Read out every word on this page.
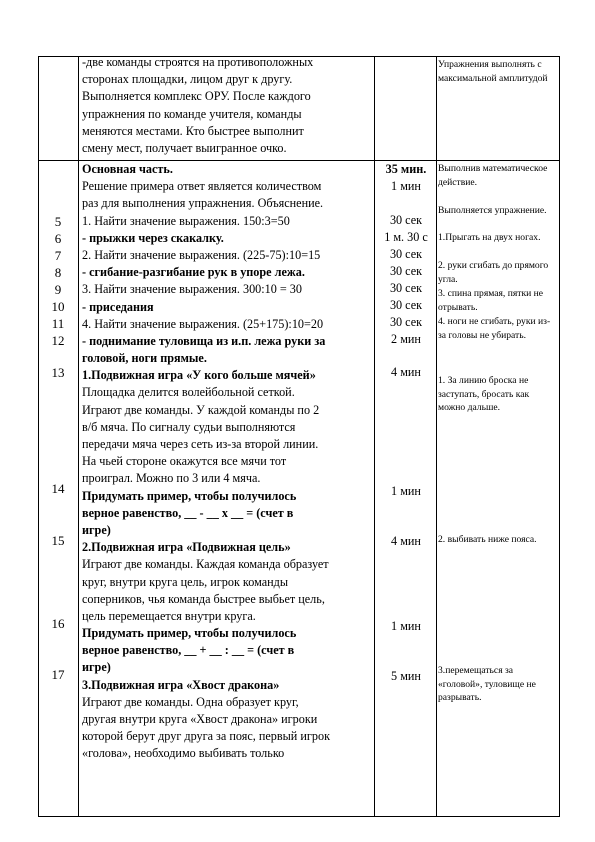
-две команды строятся на противоположных
сторонах площадки, лицом друг к другу.
Выполняется комплекс ОРУ. После каждого
упражнения по команде учителя, команды
меняются местами. Кто быстрее выполнит
смену мест, получает выигранное очко.
Упражнения выполнять с максимальной амплитудой
5
6
7
8
9
10
11
12
13
14
15
16
17
Основная часть.
Решение примера ответ является количеством
раз для выполнения упражнения. Объяснение.
1. Найти значение выражения. 150:3=50
- прыжки через скакалку.
2. Найти значение выражения. (225-75):10=15
- сгибание-разгибание рук в упоре лежа.
3. Найти значение выражения. 300:10 = 30
- приседания
4. Найти значение выражения. (25+175):10=20
- поднимание туловища из и.п. лежа руки за
головой, ноги прямые.
1.Подвижная игра «У кого больше мячей»
Площадка делится волейбольной сеткой.
Играют две команды. У каждой команды по 2
в/б мяча. По сигналу судьи выполняются
передачи мяча через сеть из-за второй линии.
На чьей стороне окажутся все мячи тот
проиграл. Можно по 3 или 4 мяча.
Придумать пример, чтобы получилось
верное равенство, __ - __ x __ = (счет в
игре)
2.Подвижная игра «Подвижная цель»
Играют две команды. Каждая команда образует
круг, внутри круга цель, игрок команды
соперников, чья команда быстрее выбьет цель,
цель перемещается внутри круга.
Придумать пример, чтобы получилось
верное равенство, __ + __ : __ = (счет в
игре)
3.Подвижная игра «Хвост дракона»
Играют две команды. Одна образует круг,
другая внутри круга «Хвост дракона» игроки
которой берут друг друга за пояс, первый игрок
«голова», необходимо выбивать только
35 мин.
1 мин
30 сек
1 м. 30 с
30 сек
30 сек
30 сек
30 сек
30 сек
2 мин
4 мин
1 мин
4 мин
1 мин
5 мин
Выполнив математическое действие.
Выполняется упражнение.
1.Прыгать на двух ногах.
2. руки сгибать до прямого угла.
3. спина прямая, пятки не отрывать.
4. ноги не сгибать, руки из-за головы не убирать.
1. За линию броска не заступать, бросать как можно дальше.
2. выбивать ниже пояса.
3.перемещаться за «головой», туловище не разрывать.
